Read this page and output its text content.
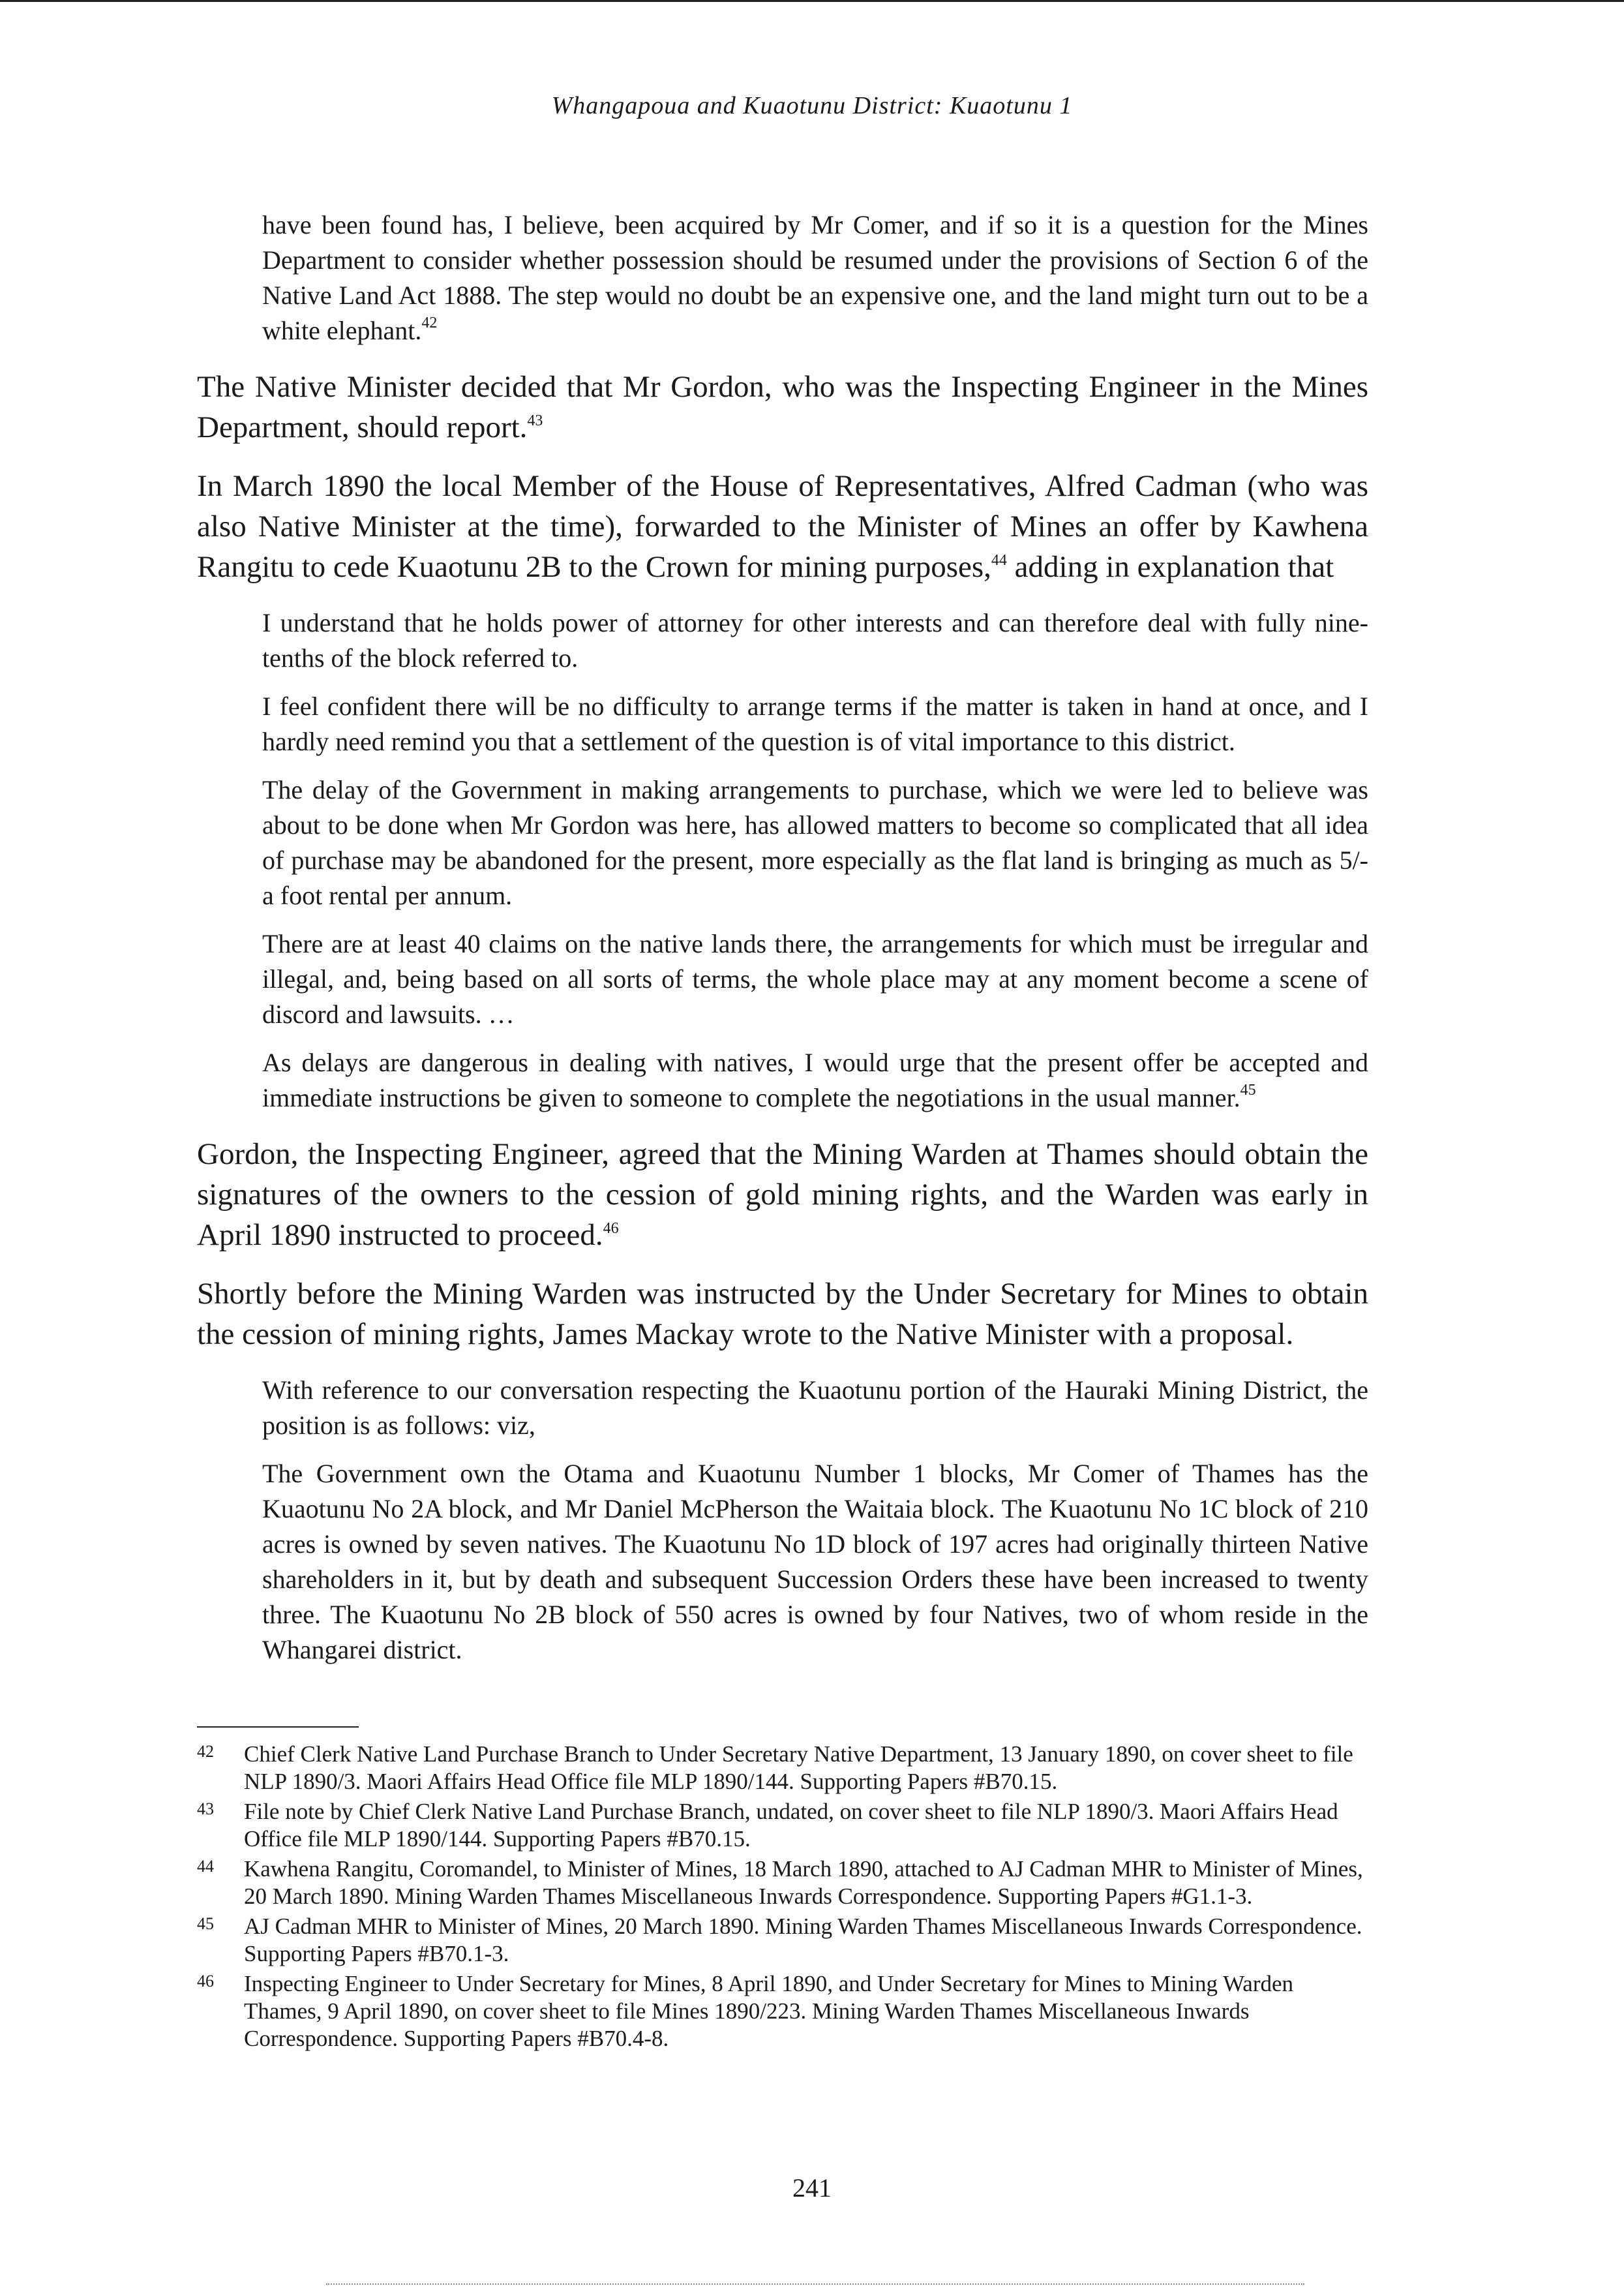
Whangapoua and Kuaotunu District: Kuaotunu 1

have been found has, I believe, been acquired by Mr Comer, and if so it is a question for the Mines Department to consider whether possession should be resumed under the provisions of Section 6 of the Native Land Act 1888. The step would no doubt be an expensive one, and the land might turn out to be a white elephant.$^{42}$

The Native Minister decided that Mr Gordon, who was the Inspecting Engineer in the Mines Department, should report.$^{43}$

In March 1890 the local Member of the House of Representatives, Alfred Cadman (who was also Native Minister at the time), forwarded to the Minister of Mines an offer by Kawhena Rangitu to cede Kuaotunu 2B to the Crown for mining purposes,$^{44}$ adding in explanation that

I understand that he holds power of attorney for other interests and can therefore deal with fully nine-tenths of the block referred to.

I feel confident there will be no difficulty to arrange terms if the matter is taken in hand at once, and I hardly need remind you that a settlement of the question is of vital importance to this district.

The delay of the Government in making arrangements to purchase, which we were led to believe was about to be done when Mr Gordon was here, has allowed matters to become so complicated that all idea of purchase may be abandoned for the present, more especially as the flat land is bringing as much as 5/- a foot rental per annum.

There are at least 40 claims on the native lands there, the arrangements for which must be irregular and illegal, and, being based on all sorts of terms, the whole place may at any moment become a scene of discord and lawsuits. …

As delays are dangerous in dealing with natives, I would urge that the present offer be accepted and immediate instructions be given to someone to complete the negotiations in the usual manner.$^{45}$

Gordon, the Inspecting Engineer, agreed that the Mining Warden at Thames should obtain the signatures of the owners to the cession of gold mining rights, and the Warden was early in April 1890 instructed to proceed.$^{46}$

Shortly before the Mining Warden was instructed by the Under Secretary for Mines to obtain the cession of mining rights, James Mackay wrote to the Native Minister with a proposal.

With reference to our conversation respecting the Kuaotunu portion of the Hauraki Mining District, the position is as follows: viz,

The Government own the Otama and Kuaotunu Number 1 blocks, Mr Comer of Thames has the Kuaotunu No 2A block, and Mr Daniel McPherson the Waitaia block. The Kuaotunu No 1C block of 210 acres is owned by seven natives. The Kuaotunu No 1D block of 197 acres had originally thirteen Native shareholders in it, but by death and subsequent Succession Orders these have been increased to twenty three. The Kuaotunu No 2B block of 550 acres is owned by four Natives, two of whom reside in the Whangarei district.

42	Chief Clerk Native Land Purchase Branch to Under Secretary Native Department, 13 January 1890, on cover sheet to file NLP 1890/3. Maori Affairs Head Office file MLP 1890/144. Supporting Papers #B70.15.
43	File note by Chief Clerk Native Land Purchase Branch, undated, on cover sheet to file NLP 1890/3. Maori Affairs Head Office file MLP 1890/144. Supporting Papers #B70.15.
44	Kawhena Rangitu, Coromandel, to Minister of Mines, 18 March 1890, attached to AJ Cadman MHR to Minister of Mines, 20 March 1890. Mining Warden Thames Miscellaneous Inwards Correspondence. Supporting Papers #G1.1-3.
45	AJ Cadman MHR to Minister of Mines, 20 March 1890. Mining Warden Thames Miscellaneous Inwards Correspondence. Supporting Papers #B70.1-3.
46	Inspecting Engineer to Under Secretary for Mines, 8 April 1890, and Under Secretary for Mines to Mining Warden Thames, 9 April 1890, on cover sheet to file Mines 1890/223. Mining Warden Thames Miscellaneous Inwards Correspondence. Supporting Papers #B70.4-8.

241
